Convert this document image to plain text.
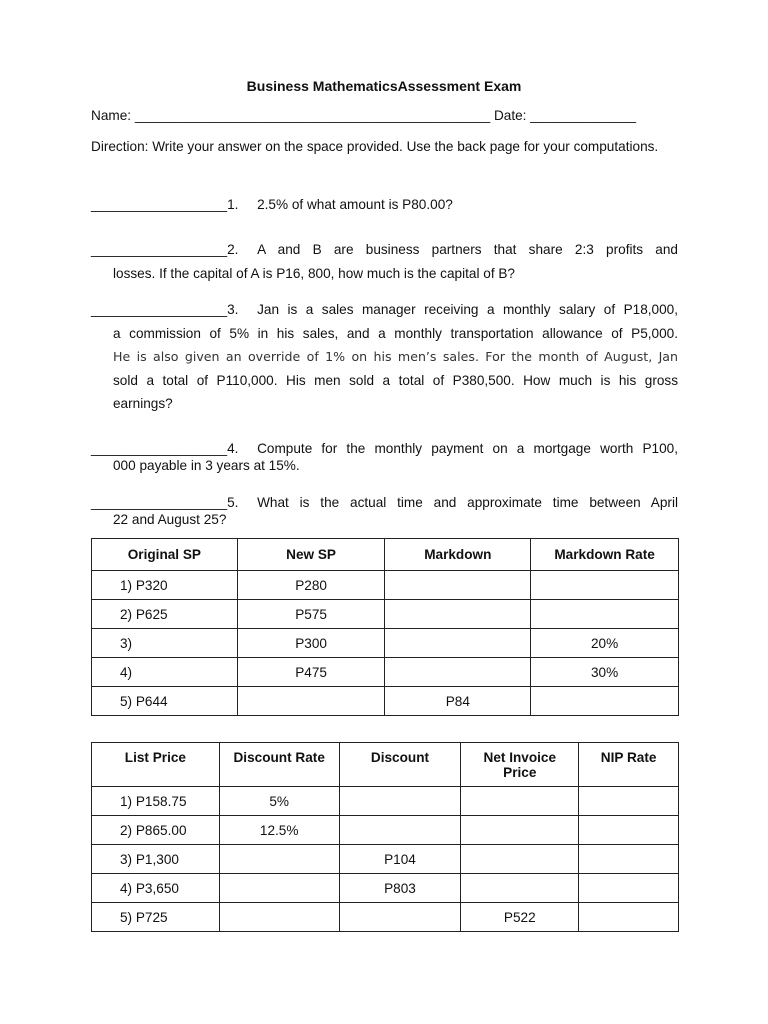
Business MathematicsAssessment Exam
Name: _______________________________________________ Date: ______________
Direction: Write your answer on the space provided. Use the back page for your computations.

__________________1. 2.5% of what amount is P80.00?

__________________2. A and B are business partners that share 2:3 profits and

losses. If the capital of A is P16, 800, how much is the capital of B?

__________________3. Jan is a sales manager receiving a monthly salary of P18,000,

a commission of 5% in his sales, and a monthly transportation allowance of P5,000.

He is also given an override of 1% on his men’s sales. For the month of August, Jan

sold a total of P110,000. His men sold a total of P380,500. How much is his gross

earnings?

__________________4. Compute for the monthly payment on a mortgage worth P100,

000 payable in 3 years at 15%.

__________________5. What is the actual time and approximate time between April

22 and August 25?

Original SP	New SP	Markdown	Markdown Rate
1) P320	P280		
2) P625	P575		
3)	P300		20%
4)	P475		30%
5) P644		P84	
List Price	Discount Rate	Discount	Net Invoice Price	NIP Rate
1) P158.75	5%			
2) P865.00	12.5%			
3) P1,300		P104		
4) P3,650		P803		
5) P725			P522	
